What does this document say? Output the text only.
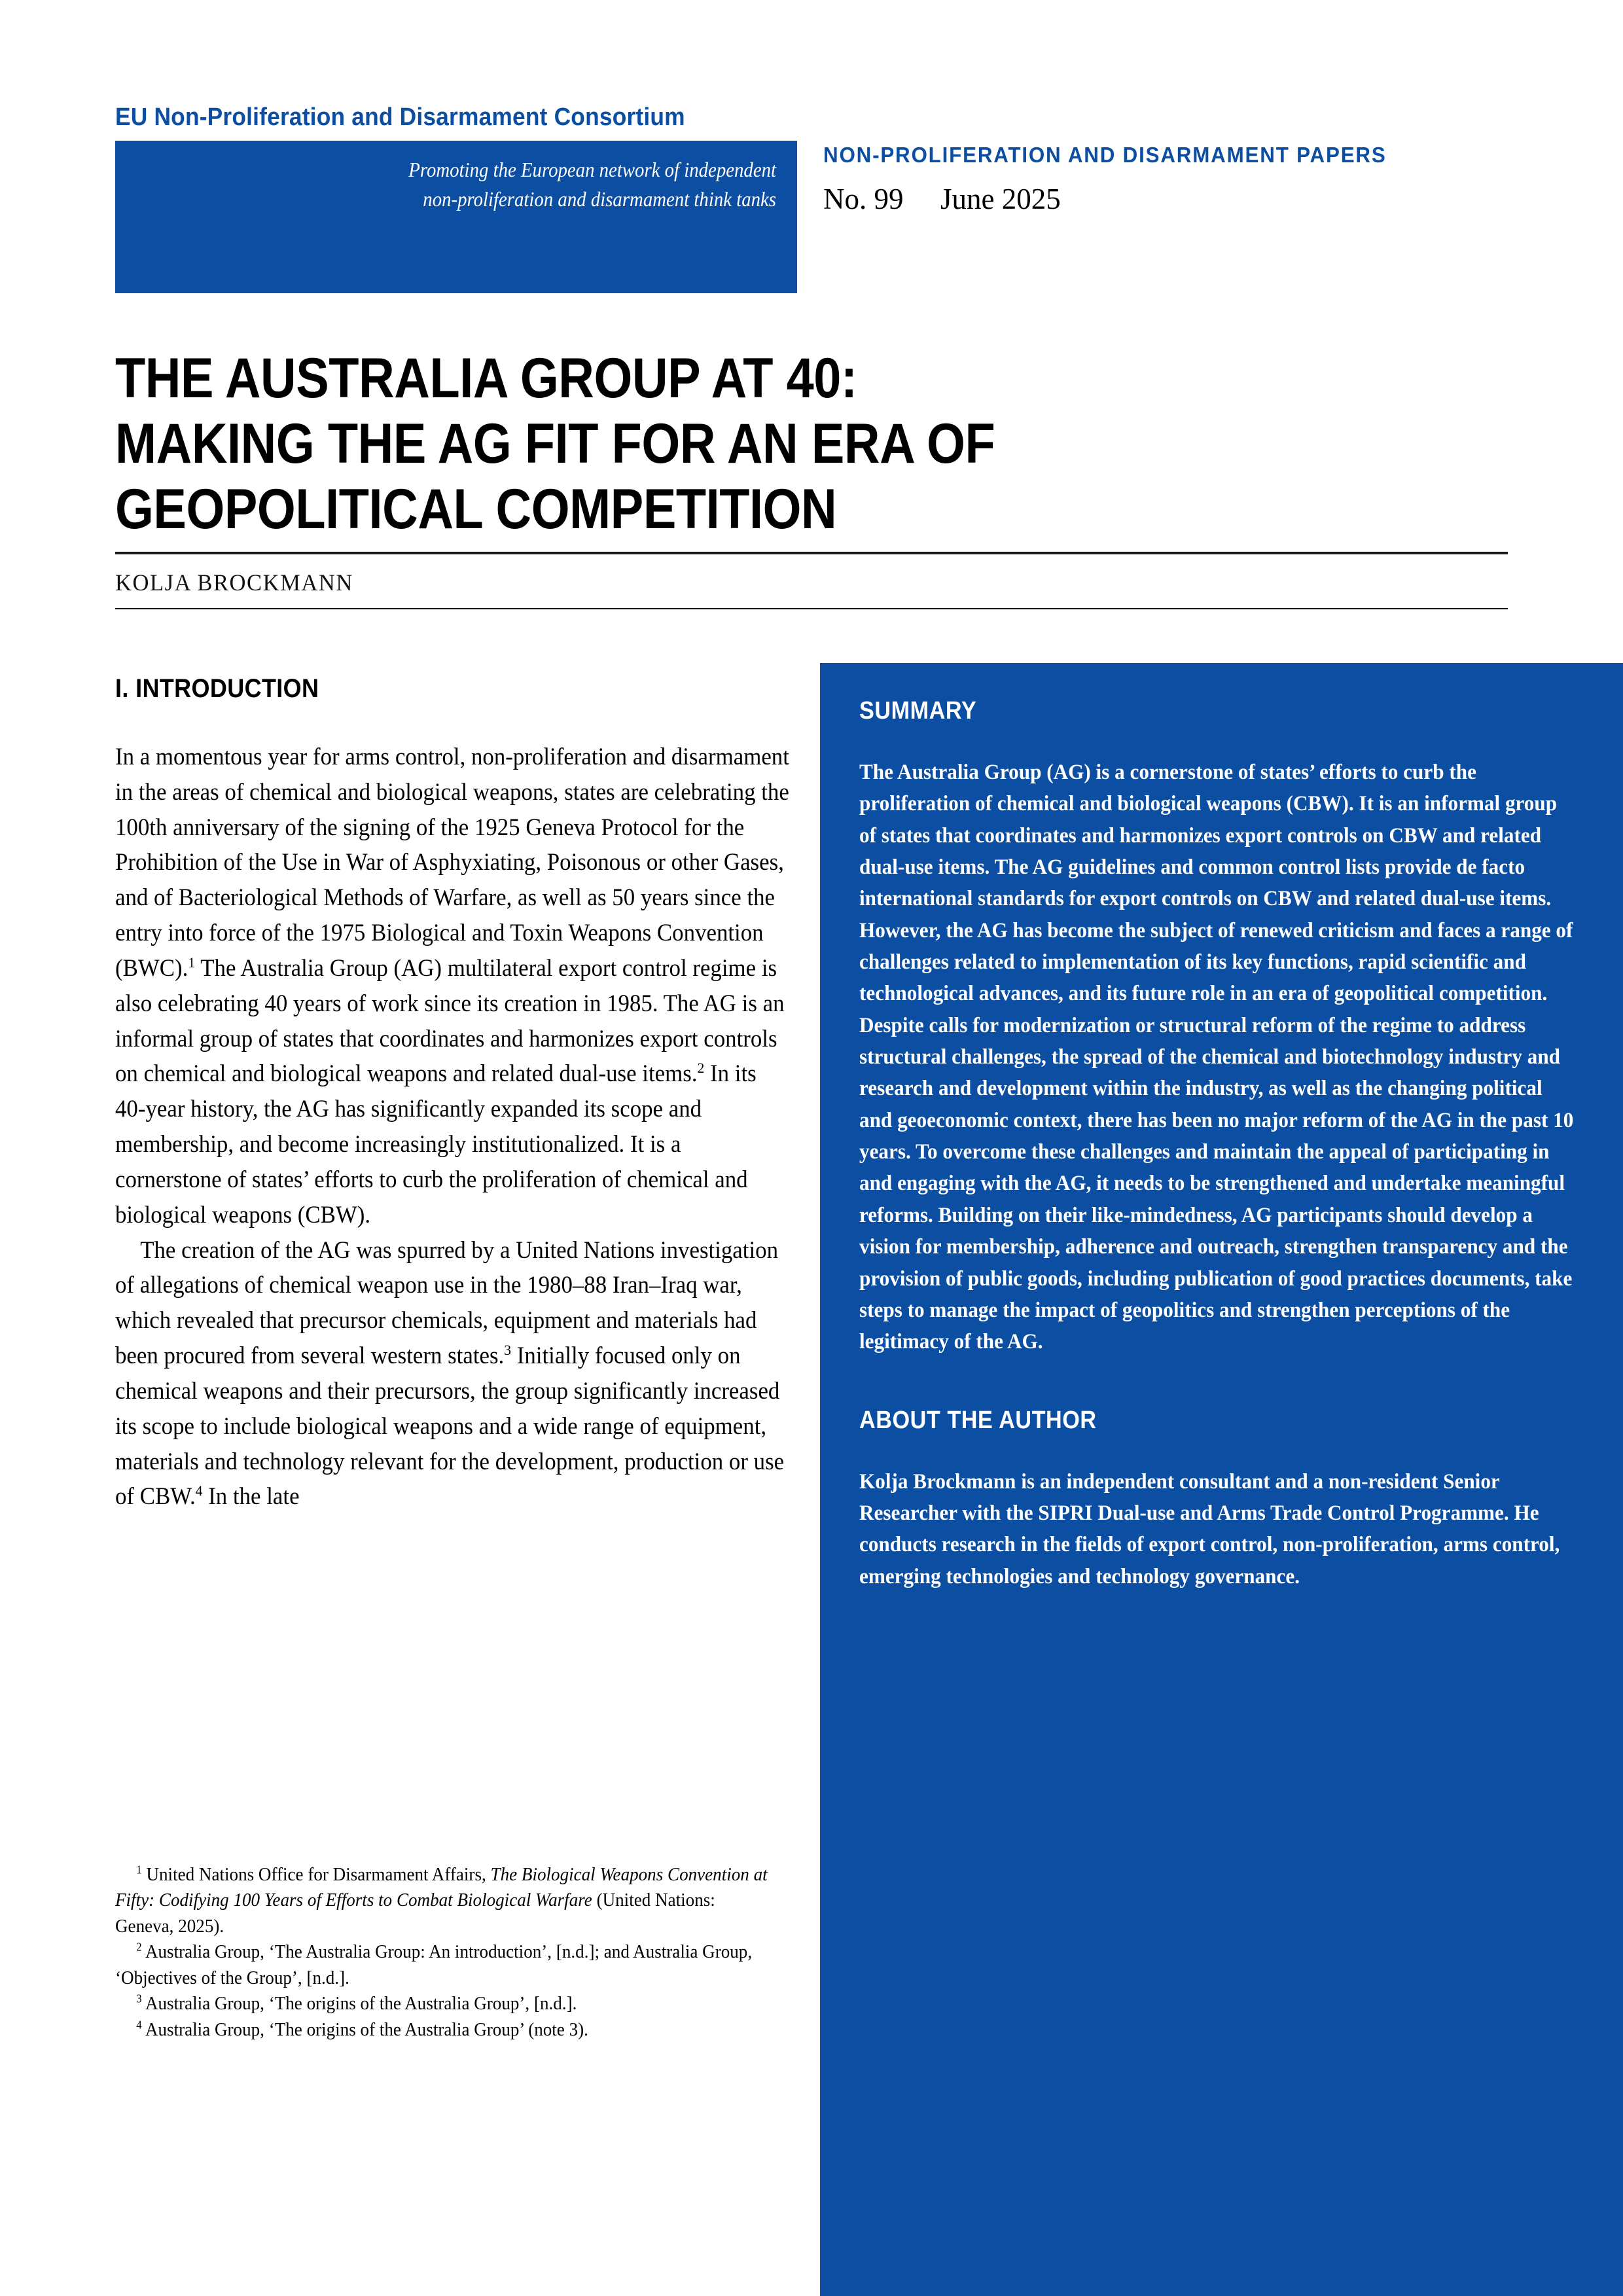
EU Non-Proliferation and Disarmament Consortium
Promoting the European network of independent
non-proliferation and disarmament think tanks
NON-PROLIFERATION AND DISARMAMENT PAPERS
No. 99 June 2025
THE AUSTRALIA GROUP AT 40:
MAKING THE AG FIT FOR AN ERA OF
GEOPOLITICAL COMPETITION
KOLJA BROCKMANN
I. INTRODUCTION

In a momentous year for arms control, non-proliferation and disarmament in the areas of chemical and biological weapons, states are celebrating the 100th anniversary of the signing of the 1925 Geneva Protocol for the Prohibition of the Use in War of Asphyxiating, Poisonous or other Gases, and of Bacteriological Methods of Warfare, as well as 50 years since the entry into force of the 1975 Biological and Toxin Weapons Convention (BWC).$^1$ The Australia Group (AG) multilateral export control regime is also celebrating 40 years of work since its creation in 1985. The AG is an informal group of states that coordinates and harmonizes export controls on chemical and biological weapons and related dual-use items.$^2$ In its 40-year history, the AG has significantly expanded its scope and membership, and become increasingly institutionalized. It is a cornerstone of states’ efforts to curb the proliferation of chemical and biological weapons (CBW).

The creation of the AG was spurred by a United Nations investigation of allegations of chemical weapon use in the 1980–88 Iran–Iraq war, which revealed that precursor chemicals, equipment and materials had been procured from several western states.$^3$ Initially focused only on chemical weapons and their precursors, the group significantly increased its scope to include biological weapons and a wide range of equipment, materials and technology relevant for the development, production or use of CBW.$^4$ In the late

$^1$ United Nations Office for Disarmament Affairs, The Biological Weapons Convention at Fifty: Codifying 100 Years of Efforts to Combat Biological Warfare (United Nations: Geneva, 2025).

$^2$ Australia Group, ‘The Australia Group: An introduction’, [n.d.]; and Australia Group, ‘Objectives of the Group’, [n.d.].

$^3$ Australia Group, ‘The origins of the Australia Group’, [n.d.].

$^4$ Australia Group, ‘The origins of the Australia Group’ (note 3).

SUMMARY

The Australia Group (AG) is a cornerstone of states’ efforts to curb the proliferation of chemical and biological weapons (CBW). It is an informal group of states that coordinates and harmonizes export controls on CBW and related dual-use items. The AG guidelines and common control lists provide de facto international standards for export controls on CBW and related dual-use items. However, the AG has become the subject of renewed criticism and faces a range of challenges related to implementation of its key functions, rapid scientific and technological advances, and its future role in an era of geopolitical competition. Despite calls for modernization or structural reform of the regime to address structural challenges, the spread of the chemical and biotechnology industry and research and development within the industry, as well as the changing political and geoeconomic context, there has been no major reform of the AG in the past 10 years. To overcome these challenges and maintain the appeal of participating in and engaging with the AG, it needs to be strengthened and undertake meaningful reforms. Building on their like-mindedness, AG participants should develop a vision for membership, adherence and outreach, strengthen transparency and the provision of public goods, including publication of good practices documents, take steps to manage the impact of geopolitics and strengthen perceptions of the legitimacy of the AG.

ABOUT THE AUTHOR

Kolja Brockmann is an independent consultant and a non-resident Senior Researcher with the SIPRI Dual-use and Arms Trade Control Programme. He conducts research in the fields of export control, non-proliferation, arms control, emerging technologies and technology governance.
